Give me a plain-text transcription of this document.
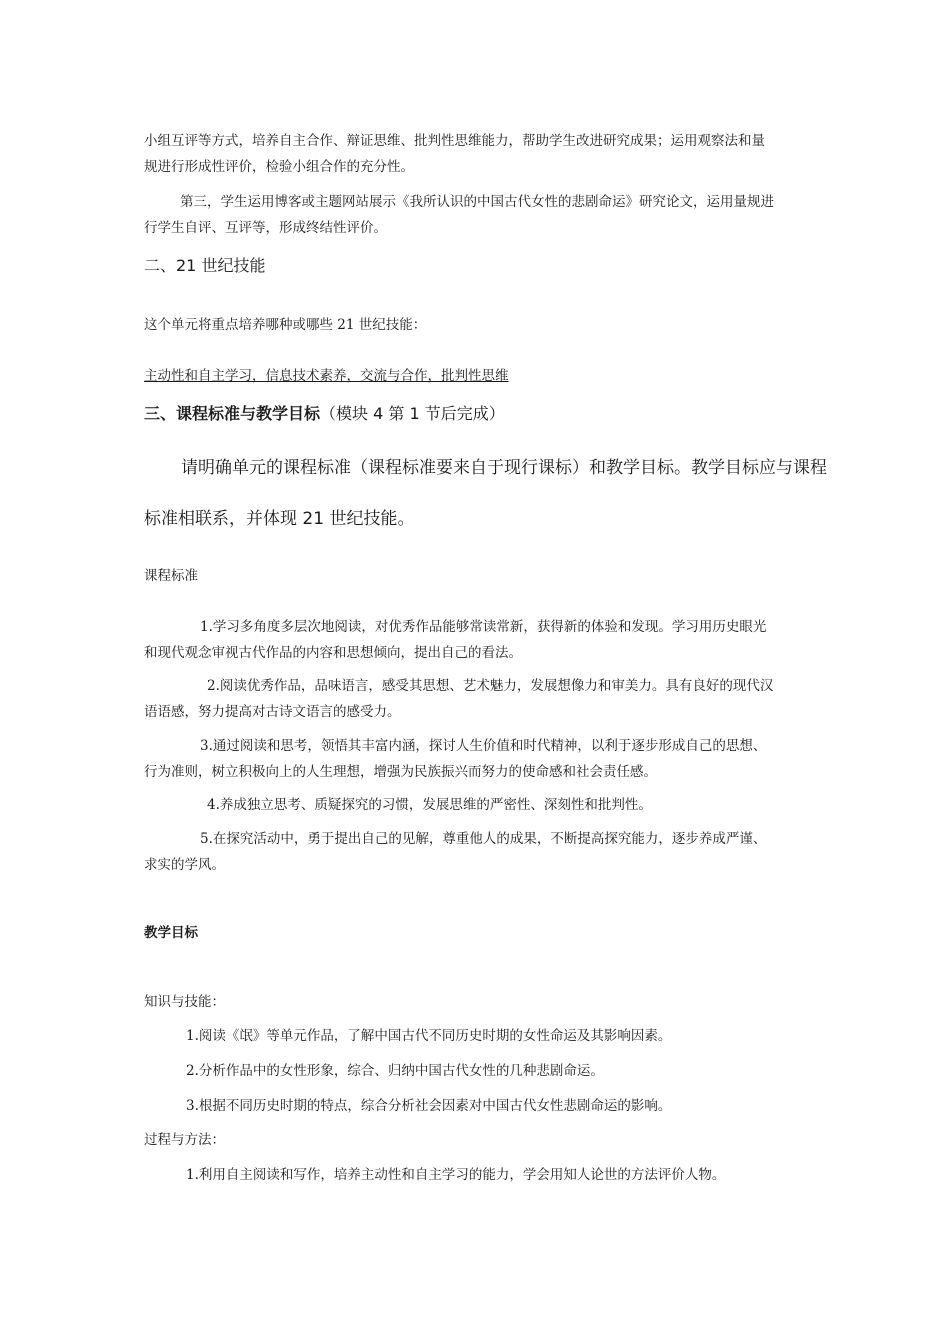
小组互评等方式，培养自主合作、辩证思维、批判性思维能力，帮助学生改进研究成果；运用观察法和量
规进行形成性评价，检验小组合作的充分性。
第三，学生运用博客或主题网站展示《我所认识的中国古代女性的悲剧命运》研究论文，运用量规进
行学生自评、互评等，形成终结性评价。
二、21 世纪技能
这个单元将重点培养哪种或哪些 21 世纪技能：
主动性和自主学习，信息技术素养，交流与合作，批判性思维
三、课程标准与教学目标（模块 4 第 1 节后完成）
请明确单元的课程标准（课程标准要来自于现行课标）和教学目标。教学目标应与课程
标准相联系，并体现 21 世纪技能。
课程标准
1.学习多角度多层次地阅读，对优秀作品能够常读常新，获得新的体验和发现。学习用历史眼光
和现代观念审视古代作品的内容和思想倾向，提出自己的看法。
2.阅读优秀作品，品味语言，感受其思想、艺术魅力，发展想像力和审美力。具有良好的现代汉
语语感，努力提高对古诗文语言的感受力。
3.通过阅读和思考，领悟其丰富内涵，探讨人生价值和时代精神，以利于逐步形成自己的思想、
行为准则，树立积极向上的人生理想，增强为民族振兴而努力的使命感和社会责任感。
4.养成独立思考、质疑探究的习惯，发展思维的严密性、深刻性和批判性。
5.在探究活动中，勇于提出自己的见解，尊重他人的成果，不断提高探究能力，逐步养成严谨、
求实的学风。
教学目标
知识与技能：
1.阅读《氓》等单元作品，了解中国古代不同历史时期的女性命运及其影响因素。
2.分析作品中的女性形象，综合、归纳中国古代女性的几种悲剧命运。
3.根据不同历史时期的特点，综合分析社会因素对中国古代女性悲剧命运的影响。
过程与方法：
1.利用自主阅读和写作，培养主动性和自主学习的能力，学会用知人论世的方法评价人物。
